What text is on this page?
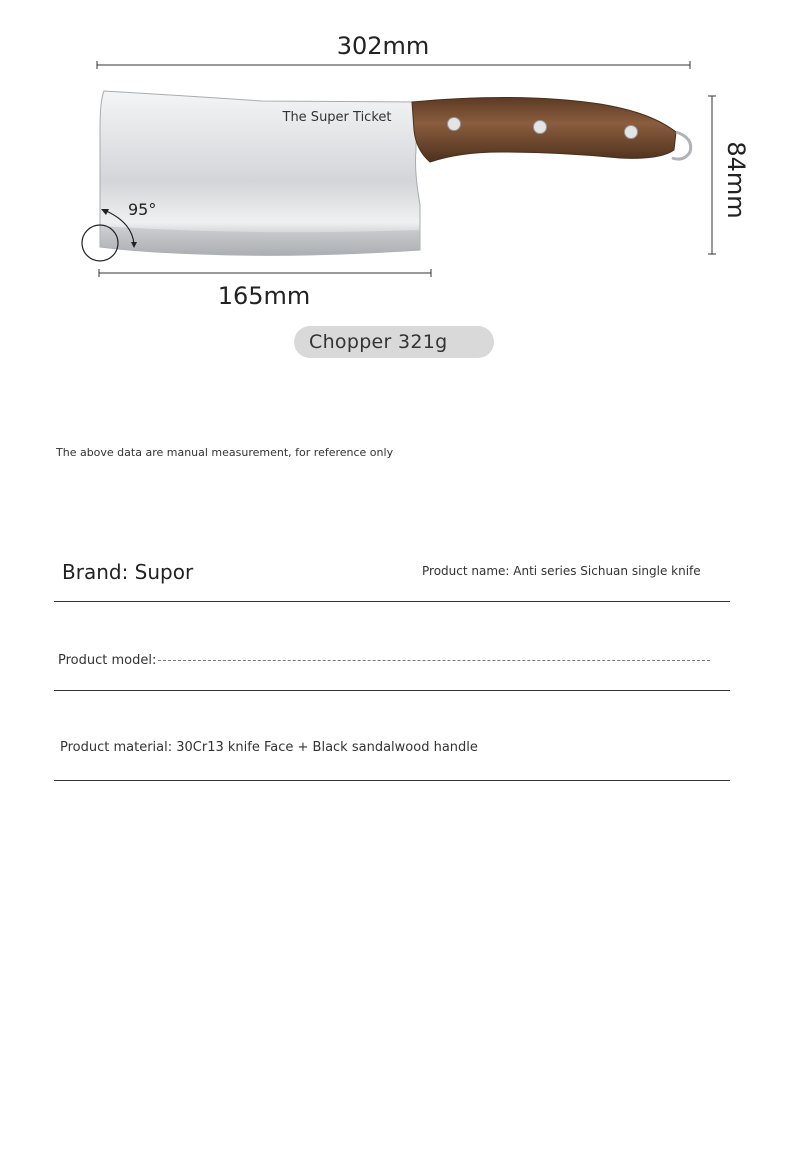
302mm
The Super Ticket
84mm
95°
165mm
Chopper 321g
The above data are manual measurement, for reference only
Brand: Supor	Product name: Anti series Sichuan single knife
Product model:
Product material: 30Cr13 knife Face + Black sandalwood handle
